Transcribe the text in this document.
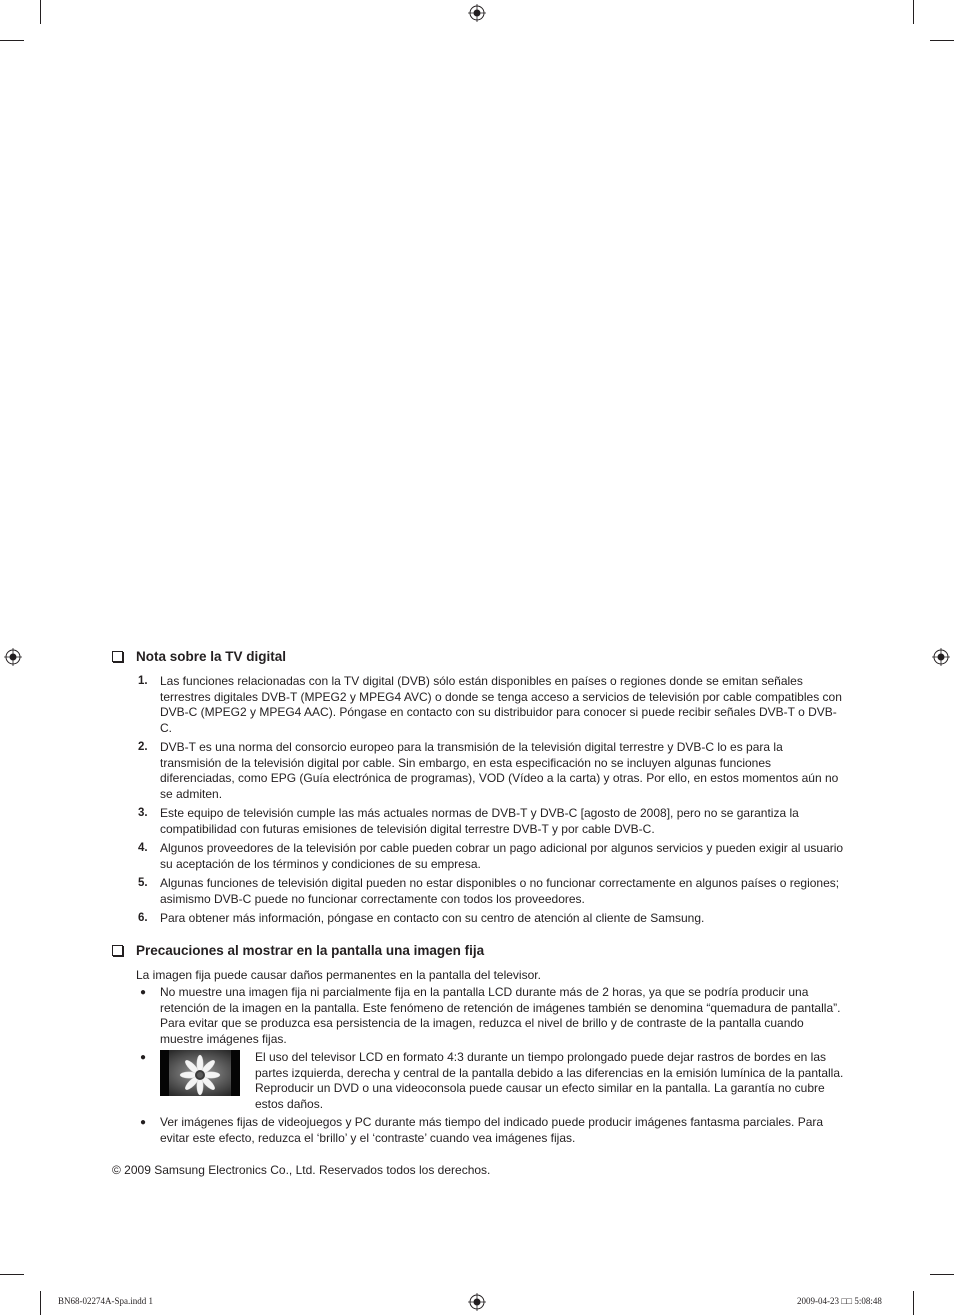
Nota sobre la TV digital
1. Las funciones relacionadas con la TV digital (DVB) sólo están disponibles en países o regiones donde se emitan señales terrestres digitales DVB-T (MPEG2 y MPEG4 AVC) o donde se tenga acceso a servicios de televisión por cable compatibles con DVB-C (MPEG2 y MPEG4 AAC). Póngase en contacto con su distribuidor para conocer si puede recibir señales DVB-T o DVB-C.
2. DVB-T es una norma del consorcio europeo para la transmisión de la televisión digital terrestre y DVB-C lo es para la transmisión de la televisión digital por cable. Sin embargo, en esta especificación no se incluyen algunas funciones diferenciadas, como EPG (Guía electrónica de programas), VOD (Vídeo a la carta) y otras. Por ello, en estos momentos aún no se admiten.
3. Este equipo de televisión cumple las más actuales normas de DVB-T y DVB-C [agosto de 2008], pero no se garantiza la compatibilidad con futuras emisiones de televisión digital terrestre DVB-T y por cable DVB-C.
4. Algunos proveedores de la televisión por cable pueden cobrar un pago adicional por algunos servicios y pueden exigir al usuario su aceptación de los términos y condiciones de su empresa.
5. Algunas funciones de televisión digital pueden no estar disponibles o no funcionar correctamente en algunos países o regiones; asimismo DVB-C puede no funcionar correctamente con todos los proveedores.
6. Para obtener más información, póngase en contacto con su centro de atención al cliente de Samsung.
Precauciones al mostrar en la pantalla una imagen fija

La imagen fija puede causar daños permanentes en la pantalla del televisor.

● No muestre una imagen fija ni parcialmente fija en la pantalla LCD durante más de 2 horas, ya que se podría producir una retención de la imagen en la pantalla. Este fenómeno de retención de imágenes también se denomina “quemadura de pantalla”. Para evitar que se produzca esa persistencia de la imagen, reduzca el nivel de brillo y de contraste de la pantalla cuando muestre imágenes fijas.
●	El uso del televisor LCD en formato 4:3 durante un tiempo prolongado puede dejar rastros de bordes en las partes izquierda, derecha y central de la pantalla debido a las diferencias en la emisión lumínica de la pantalla. Reproducir un DVD o una videoconsola puede causar un efecto similar en la pantalla. La garantía no cubre estos daños.
● Ver imágenes fijas de videojuegos y PC durante más tiempo del indicado puede producir imágenes fantasma parciales. Para evitar este efecto, reduzca el ‘brillo’ y el ‘contraste’ cuando vea imágenes fijas.
© 2009 Samsung Electronics Co., Ltd. Reservados todos los derechos.
BN68-02274A-Spa.indd 1	2009-04-23 □□ 5:08:48
